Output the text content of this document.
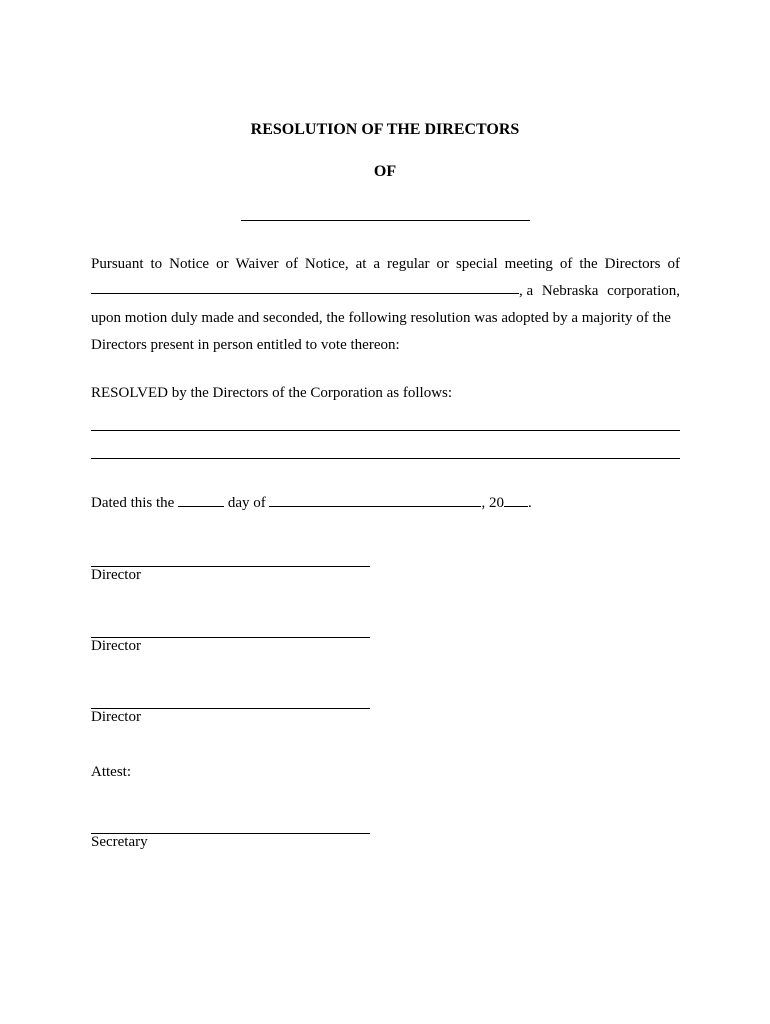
RESOLUTION OF THE DIRECTORS
OF
Pursuant to Notice or Waiver of Notice, at a regular or special meeting of the Directors of
, a Nebraska corporation,
upon motion duly made and seconded, the following resolution was adopted by a majority of the
Directors present in person entitled to vote thereon:
RESOLVED by the Directors of the Corporation as follows:
Dated this the	day of	, 20 .
Director
Director
Director
Attest:
Secretary
